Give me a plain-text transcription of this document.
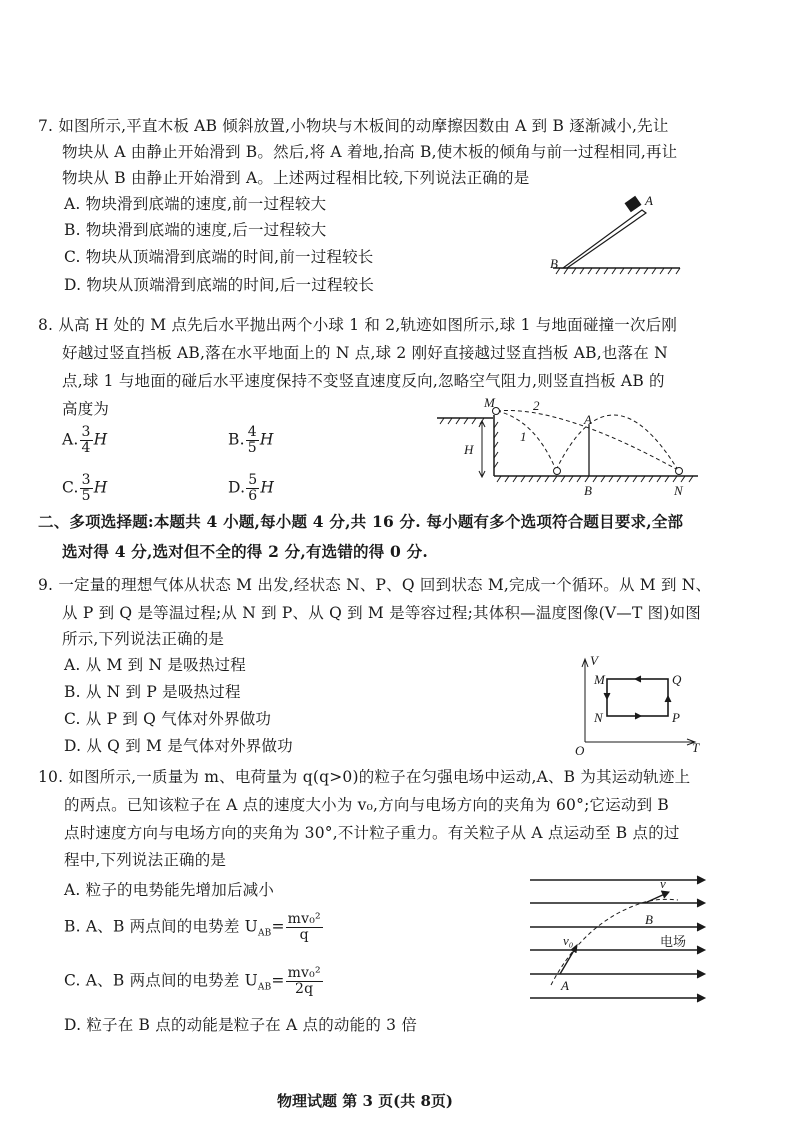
7. 如图所示,平直木板 AB 倾斜放置,小物块与木板间的动摩擦因数由 A 到 B 逐渐减小,先让
物块从 A 由静止开始滑到 B。然后,将 A 着地,抬高 B,使木板的倾角与前一过程相同,再让
物块从 B 由静止开始滑到 A。上述两过程相比较,下列说法正确的是
A. 物块滑到底端的速度,前一过程较大
B. 物块滑到底端的速度,后一过程较大
C. 物块从顶端滑到底端的时间,前一过程较长
D. 物块从顶端滑到底端的时间,后一过程较长
A
B
M	2
1
A
B	N
H
V
T
O
M	Q
N	P
v
B
v₀
A
电场
8. 从高 H 处的 M 点先后水平抛出两个小球 1 和 2,轨迹如图所示,球 1 与地面碰撞一次后刚
好越过竖直挡板 AB,落在水平地面上的 N 点,球 2 刚好直接越过竖直挡板 AB,也落在 N
点,球 1 与地面的碰后水平速度保持不变竖直速度反向,忽略空气阻力,则竖直挡板 AB 的
高度为
A. $\frac{3}{4}$ H	B. $\frac{4}{5}$ H
C. $\frac{3}{5}$ H	D. $\frac{5}{6}$ H
二、多项选择题:本题共 4 小题,每小题 4 分,共 16 分. 每小题有多个选项符合题目要求,全部
选对得 4 分,选对但不全的得 2 分,有选错的得 0 分.
9. 一定量的理想气体从状态 M 出发,经状态 N、P、Q 回到状态 M,完成一个循环。从 M 到 N、
从 P 到 Q 是等温过程;从 N 到 P、从 Q 到 M 是等容过程;其体积—温度图像(V—T 图)如图
所示,下列说法正确的是
A. 从 M 到 N 是吸热过程
B. 从 N 到 P 是吸热过程
C. 从 P 到 Q 气体对外界做功
D. 从 Q 到 M 是气体对外界做功
10. 如图所示,一质量为 m、电荷量为 q(q>0)的粒子在匀强电场中运动,A、B 为其运动轨迹上
的两点。已知该粒子在 A 点的速度大小为 v₀,方向与电场方向的夹角为 60°;它运动到 B
点时速度方向与电场方向的夹角为 30°,不计粒子重力。有关粒子从 A 点运动至 B 点的过
程中,下列说法正确的是
A. 粒子的电势能先增加后减小
B. A、B 两点间的电势差 $U_{AB}= \frac{\text{mv₀²}}{q}$
C. A、B 两点间的电势差 $U_{AB}= \frac{\text{mv₀²}}{2q}$
D. 粒子在 B 点的动能是粒子在 A 点的动能的 3 倍
物理试题 第 3 页(共 8页)
